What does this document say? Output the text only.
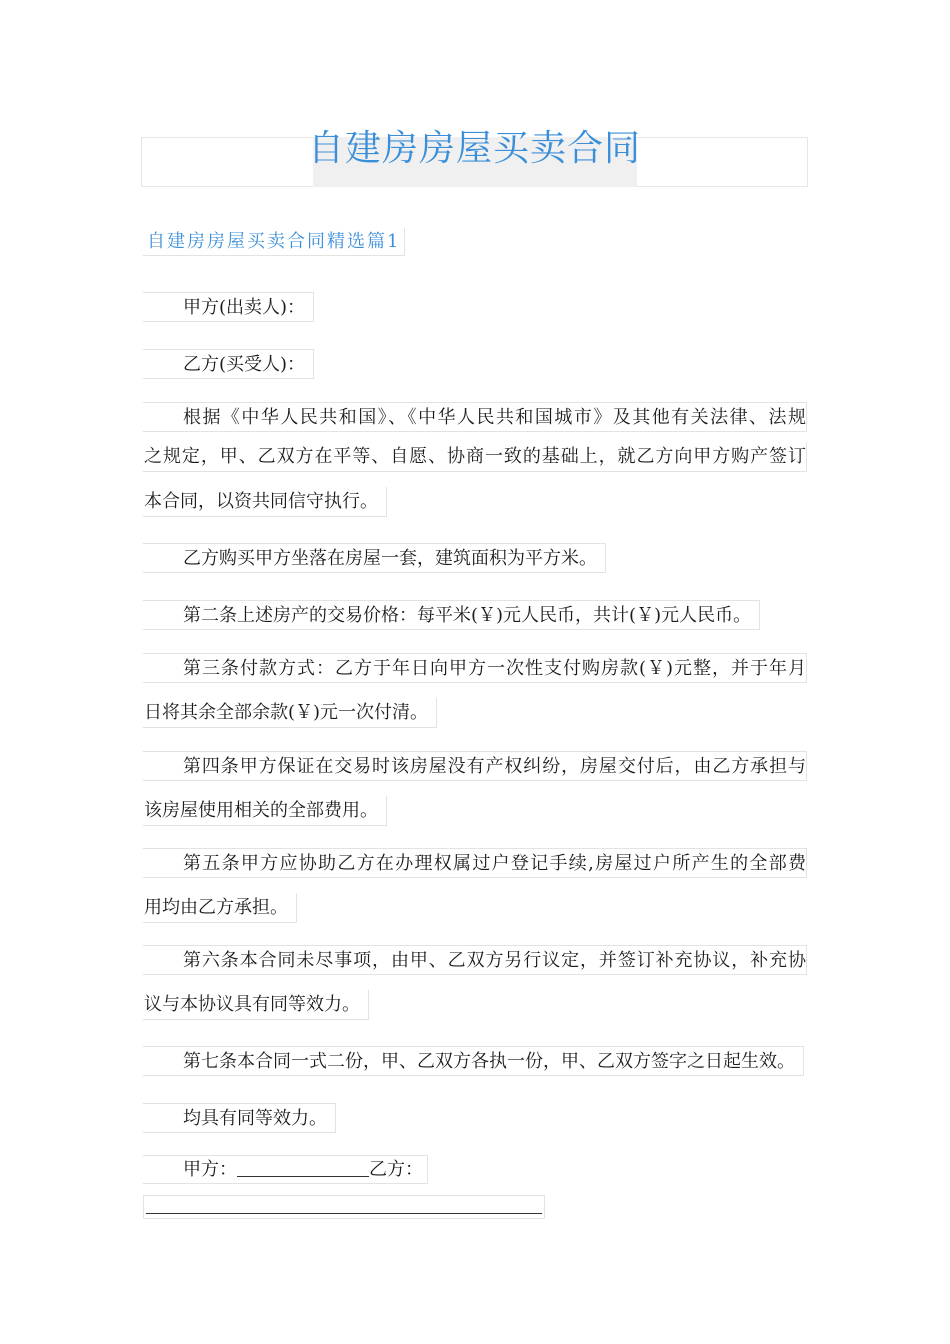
自建房房屋买卖合同
自建房房屋买卖合同精选篇1
甲方(出卖人)：
乙方(买受人)：
根据《中华人民共和国》、《中华人民共和国城市》及其他有关法律、法规
之规定，甲、乙双方在平等、自愿、协商一致的基础上，就乙方向甲方购产签订
本合同，以资共同信守执行。
乙方购买甲方坐落在房屋一套，建筑面积为平方米。
第二条上述房产的交易价格：每平米(￥)元人民币，共计(￥)元人民币。
第三条付款方式：乙方于年日向甲方一次性支付购房款(￥)元整，并于年月
日将其余全部余款(￥)元一次付清。
第四条甲方保证在交易时该房屋没有产权纠纷，房屋交付后，由乙方承担与
该房屋使用相关的全部费用。
第五条甲方应协助乙方在办理权属过户登记手续,房屋过户所产生的全部费
用均由乙方承担。
第六条本合同未尽事项，由甲、乙双方另行议定，并签订补充协议，补充协
议与本协议具有同等效力。
第七条本合同一式二份，甲、乙双方各执一份，甲、乙双方签字之日起生效。
均具有同等效力。
甲方：	乙方：
